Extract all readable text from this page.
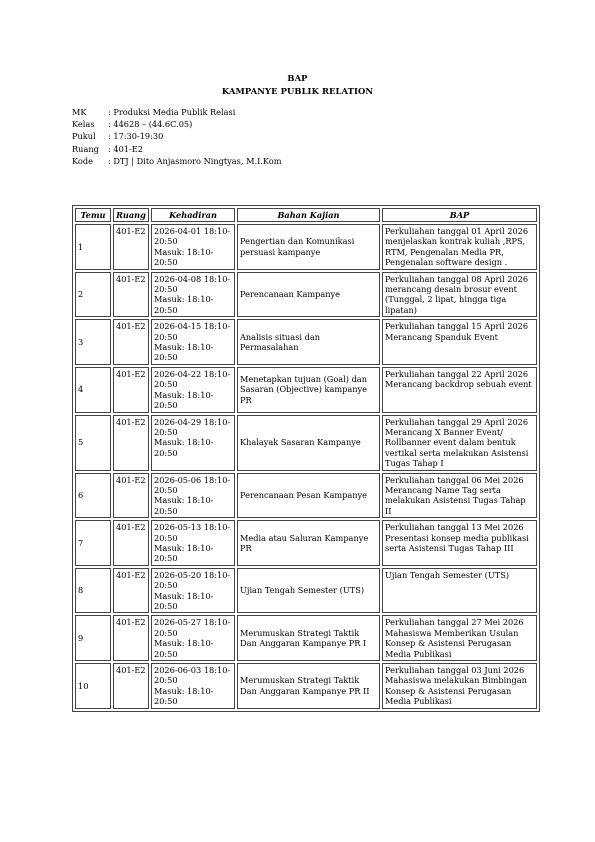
BAP
KAMPANYE PUBLIK RELATION
MK	: Produksi Media Publik Relasi
Kelas	: 44628 – (44.6C.05)
Pukul	: 17:30-19:30
Ruang	: 401-E2
Kode	: DTJ | Dito Anjasmoro Ningtyas, M.I.Kom
Temu	Ruang	Kehadiran	Bahan Kajian	BAP
1	401-E2	2026-04-01 18:10-20:50
Masuk: 18:10-20:50	Pengertian dan Komunikasi persuasi kampanye	Perkuliahan tanggal 01 April 2026 menjelaskan kontrak kuliah ,RPS, RTM, Pengenalan Media PR, Pengenalan software design .
2	401-E2	2026-04-08 18:10-20:50
Masuk: 18:10-20:50	Perencanaan Kampanye	Perkuliahan tanggal 08 April 2026 merancang desain brosur event (Tunggal, 2 lipat, hingga tiga lipatan)
3	401-E2	2026-04-15 18:10-20:50
Masuk: 18:10-20:50	Analisis situasi dan Permasalahan	Perkuliahan tanggal 15 April 2026 Merancang Spanduk Event
4	401-E2	2026-04-22 18:10-20:50
Masuk: 18:10-20:50	Menetapkan tujuan (Goal) dan Sasaran (Objective) kampanye PR	Perkuliahan tanggal 22 April 2026 Merancang backdrop sebuah event
5	401-E2	2026-04-29 18:10-20:50
Masuk: 18:10-20:50	Khalayak Sasaran Kampanye	Perkuliahan tanggal 29 April 2026 Merancang X Banner Event/ Rollbanner event dalam bentuk vertikal serta melakukan Asistensi Tugas Tahap I
6	401-E2	2026-05-06 18:10-20:50
Masuk: 18:10-20:50	Perencanaan Pesan Kampanye	Perkuliahan tanggal 06 Mei 2026 Merancang Name Tag serta melakukan Asistensi Tugas Tahap II
7	401-E2	2026-05-13 18:10-20:50
Masuk: 18:10-20:50	Media atau Saluran Kampanye PR	Perkuliahan tanggal 13 Mei 2026 Presentasi konsep media publikasi serta Asistensi Tugas Tahap III
8	401-E2	2026-05-20 18:10-20:50
Masuk: 18:10-20:50	Ujian Tengah Semester (UTS)	Ujian Tengah Semester (UTS)
9	401-E2	2026-05-27 18:10-20:50
Masuk: 18:10-20:50	Merumuskan Strategi Taktik Dan Anggaran Kampanye PR I	Perkuliahan tanggal 27 Mei 2026 Mahasiswa Memberikan Usulan Konsep & Asistensi Perugasan Media Publikasi
10	401-E2	2026-06-03 18:10-20:50
Masuk: 18:10-20:50	Merumuskan Strategi Taktik Dan Anggaran Kampanye PR II	Perkuliahan tanggal 03 Juni 2026 Mahasiswa melakukan Bimbingan Konsep & Asistensi Perugasan Media Publikasi
